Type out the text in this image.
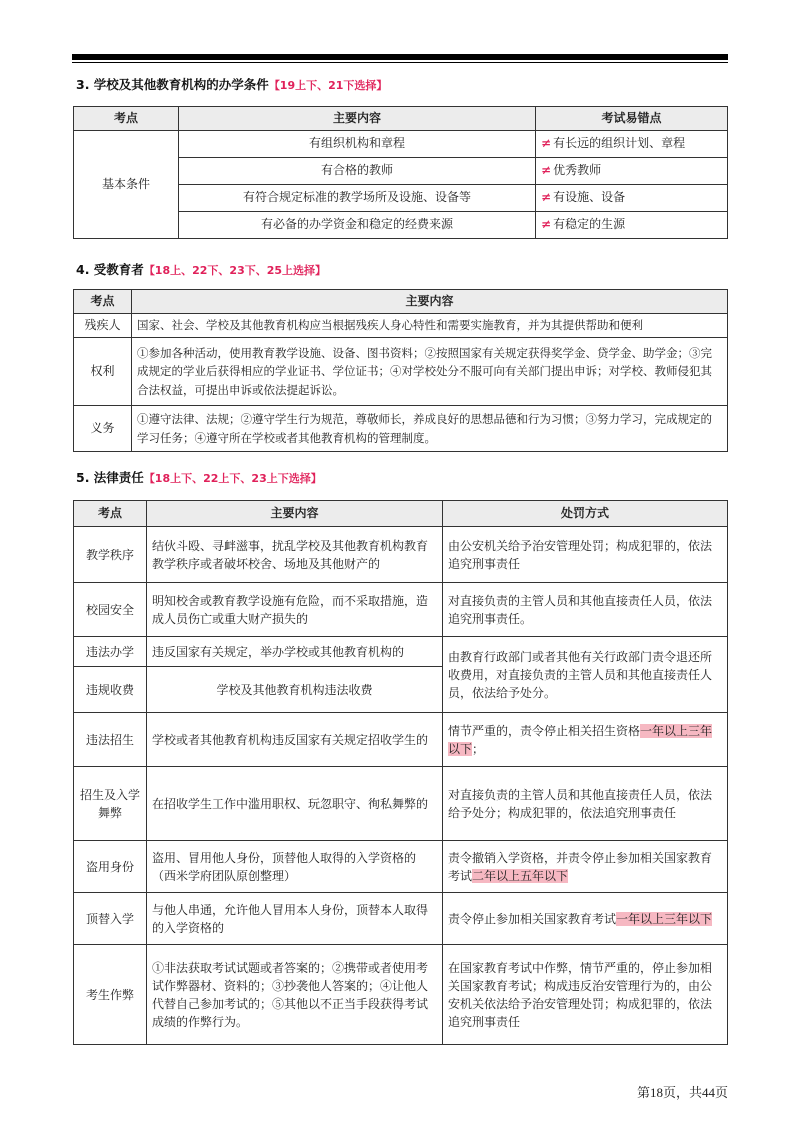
3. 学校及其他教育机构的办学条件【19上下、21下选择】
考点	主要内容	考试易错点
基本条件	有组织机构和章程	≠ 有长远的组织计划、章程
	有合格的教师	≠ 优秀教师
	有符合规定标准的教学场所及设施、设备等	≠ 有设施、设备
	有必备的办学资金和稳定的经费来源	≠ 有稳定的生源
4. 受教育者【18上、22下、23下、25上选择】
考点	主要内容
残疾人	国家、社会、学校及其他教育机构应当根据残疾人身心特性和需要实施教育，并为其提供帮助和便利
权利	①参加各种活动，使用教育教学设施、设备、图书资料；②按照国家有关规定获得奖学金、贷学金、助学金；③完成规定的学业后获得相应的学业证书、学位证书；④对学校处分不服可向有关部门提出申诉；对学校、教师侵犯其合法权益，可提出申诉或依法提起诉讼。
义务	①遵守法律、法规；②遵守学生行为规范，尊敬师长，养成良好的思想品德和行为习惯；③努力学习，完成规定的学习任务；④遵守所在学校或者其他教育机构的管理制度。
5. 法律责任【18上下、22上下、23上下选择】
考点	主要内容	处罚方式
教学秩序	结伙斗殴、寻衅滋事，扰乱学校及其他教育机构教育教学秩序或者破坏校舍、场地及其他财产的	由公安机关给予治安管理处罚；构成犯罪的，依法追究刑事责任
校园安全	明知校舍或教育教学设施有危险，而不采取措施，造成人员伤亡或重大财产损失的	对直接负责的主管人员和其他直接责任人员，依法追究刑事责任。
违法办学	违反国家有关规定，举办学校或其他教育机构的	由教育行政部门或者其他有关行政部门责令退还所收费用，对直接负责的主管人员和其他直接责任人员，依法给予处分。
违规收费	学校及其他教育机构违法收费	
违法招生	学校或者其他教育机构违反国家有关规定招收学生的	情节严重的，责令停止相关招生资格一年以上三年以下；
招生及入学舞弊	在招收学生工作中滥用职权、玩忽职守、徇私舞弊的	对直接负责的主管人员和其他直接责任人员，依法给予处分；构成犯罪的，依法追究刑事责任
盗用身份	盗用、冒用他人身份，顶替他人取得的入学资格的（西米学府团队原创整理）	责令撤销入学资格，并责令停止参加相关国家教育考试二年以上五年以下
顶替入学	与他人串通，允许他人冒用本人身份，顶替本人取得的入学资格的	责令停止参加相关国家教育考试一年以上三年以下
考生作弊	①非法获取考试试题或者答案的；②携带或者使用考试作弊器材、资料的；③抄袭他人答案的；④让他人代替自己参加考试的；⑤其他以不正当手段获得考试成绩的作弊行为。	在国家教育考试中作弊，情节严重的，停止参加相关国家教育考试；构成违反治安管理行为的，由公安机关依法给予治安管理处罚；构成犯罪的，依法追究刑事责任
第18页，共44页
